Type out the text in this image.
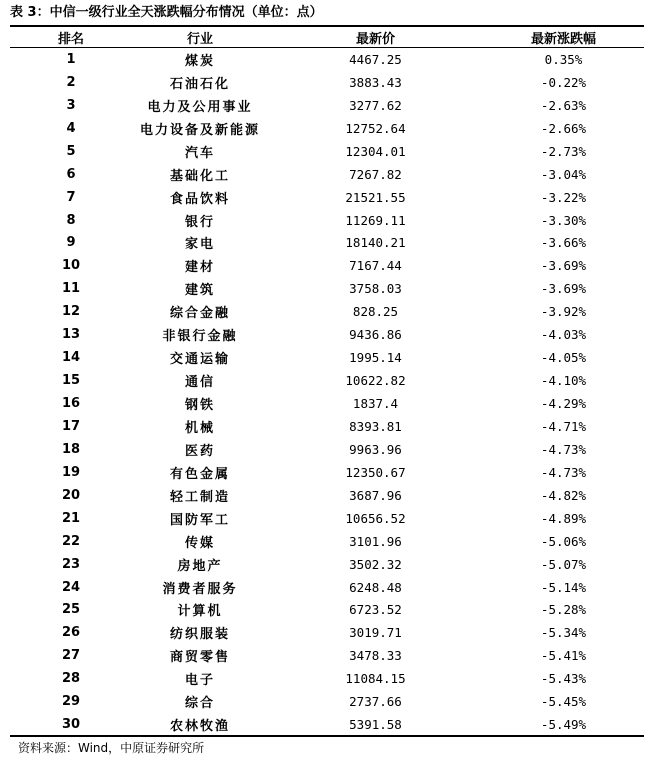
表 3：中信一级行业全天涨跌幅分布情况（单位：点）
排名	行业	最新价	最新涨跌幅
1	煤炭	4467.25	0.35%
2	石油石化	3883.43	-0.22%
3	电力及公用事业	3277.62	-2.63%
4	电力设备及新能源	12752.64	-2.66%
5	汽车	12304.01	-2.73%
6	基础化工	7267.82	-3.04%
7	食品饮料	21521.55	-3.22%
8	银行	11269.11	-3.30%
9	家电	18140.21	-3.66%
10	建材	7167.44	-3.69%
11	建筑	3758.03	-3.69%
12	综合金融	828.25	-3.92%
13	非银行金融	9436.86	-4.03%
14	交通运输	1995.14	-4.05%
15	通信	10622.82	-4.10%
16	钢铁	1837.4	-4.29%
17	机械	8393.81	-4.71%
18	医药	9963.96	-4.73%
19	有色金属	12350.67	-4.73%
20	轻工制造	3687.96	-4.82%
21	国防军工	10656.52	-4.89%
22	传媒	3101.96	-5.06%
23	房地产	3502.32	-5.07%
24	消费者服务	6248.48	-5.14%
25	计算机	6723.52	-5.28%
26	纺织服装	3019.71	-5.34%
27	商贸零售	3478.33	-5.41%
28	电子	11084.15	-5.43%
29	综合	2737.66	-5.45%
30	农林牧渔	5391.58	-5.49%
资料来源：Wind，中原证券研究所
